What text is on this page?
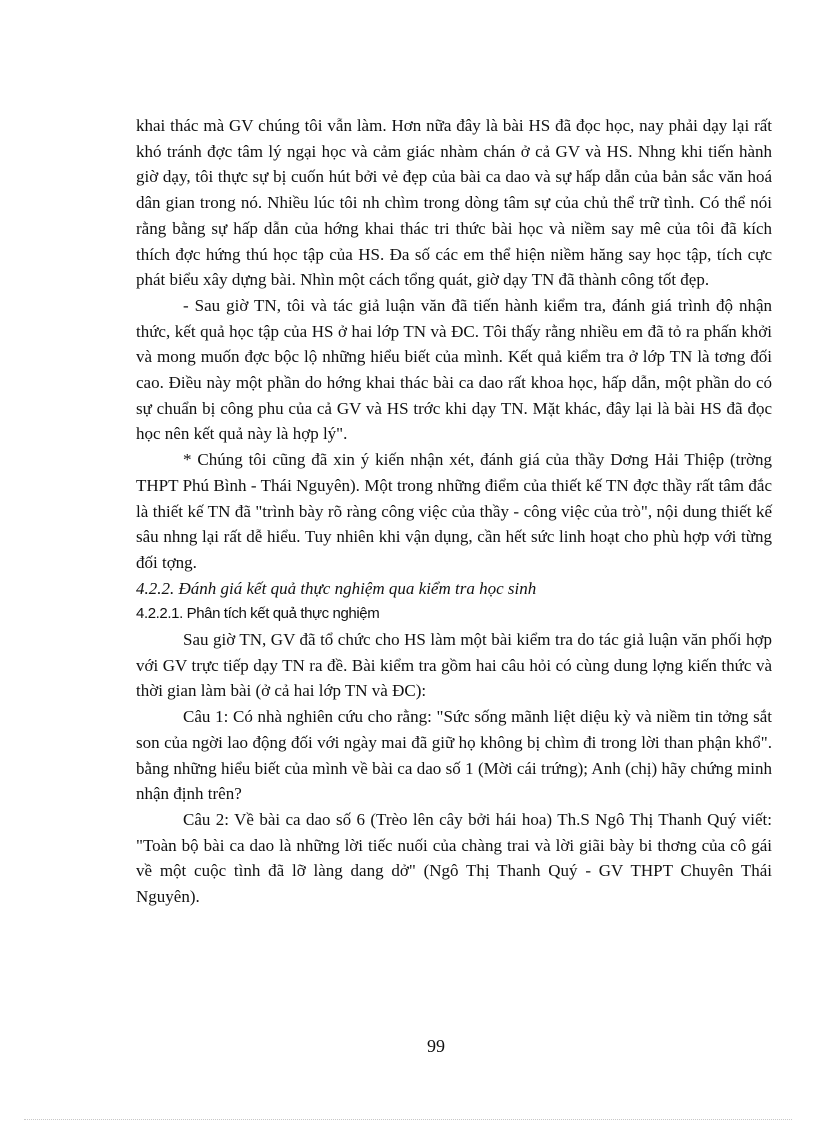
khai thác mà GV chúng tôi vẫn làm. Hơn nữa đây là bài HS đã đọc học, nay phải dạy lại rất khó tránh đợc tâm lý ngại học và cảm giác nhàm chán ở cả GV và HS. Nhng khi tiến hành giờ dạy, tôi thực sự bị cuốn hút bởi vẻ đẹp của bài ca dao và sự hấp dẫn của bản sắc văn hoá dân gian trong nó. Nhiều lúc tôi nh chìm trong dòng tâm sự của chủ thể trữ tình. Có thể nói rằng bằng sự hấp dẫn của hớng khai thác tri thức bài học và niềm say mê của tôi đã kích thích đợc hứng thú học tập của HS. Đa số các em thể hiện niềm hăng say học tập, tích cực phát biểu xây dựng bài. Nhìn một cách tổng quát, giờ dạy TN đã thành công tốt đẹp.

- Sau giờ TN, tôi và tác giả luận văn đã tiến hành kiểm tra, đánh giá trình độ nhận thức, kết quả học tập của HS ở hai lớp TN và ĐC. Tôi thấy rằng nhiều em đã tỏ ra phấn khởi và mong muốn đợc bộc lộ những hiểu biết của mình. Kết quả kiểm tra ở lớp TN là tơng đối cao. Điều này một phần do hớng khai thác bài ca dao rất khoa học, hấp dẫn, một phần do có sự chuẩn bị công phu của cả GV và HS trớc khi dạy TN. Mặt khác, đây lại là bài HS đã đọc học nên kết quả này là hợp lý".

* Chúng tôi cũng đã xin ý kiến nhận xét, đánh giá của thầy Dơng Hải Thiệp (trờng THPT Phú Bình - Thái Nguyên). Một trong những điểm của thiết kế TN đợc thầy rất tâm đắc là thiết kế TN đã "trình bày rõ ràng công việc của thầy - công việc của trò", nội dung thiết kế sâu nhng lại rất dễ hiểu. Tuy nhiên khi vận dụng, cần hết sức linh hoạt cho phù hợp với từng đối tợng.

4.2.2. Đánh giá kết quả thực nghiệm qua kiểm tra học sinh

4.2.2.1. Phân tích kết quả thực nghiệm

Sau giờ TN, GV đã tổ chức cho HS làm một bài kiểm tra do tác giả luận văn phối hợp với GV trực tiếp dạy TN ra đề. Bài kiểm tra gồm hai câu hỏi có cùng dung lợng kiến thức và thời gian làm bài (ở cả hai lớp TN và ĐC):

Câu 1: Có nhà nghiên cứu cho rằng: "Sức sống mãnh liệt diệu kỳ và niềm tin tởng sắt son của ngời lao động đối với ngày mai đã giữ họ không bị chìm đi trong lời than phận khổ". bằng những hiểu biết của mình về bài ca dao số 1 (Mời cái trứng); Anh (chị) hãy chứng minh nhận định trên?

Câu 2: Về bài ca dao số 6 (Trèo lên cây bởi hái hoa) Th.S Ngô Thị Thanh Quý viết: "Toàn bộ bài ca dao là những lời tiếc nuối của chàng trai và lời giãi bày bi thơng của cô gái về một cuộc tình đã lỡ làng dang dở" (Ngô Thị Thanh Quý - GV THPT Chuyên Thái Nguyên).

99
